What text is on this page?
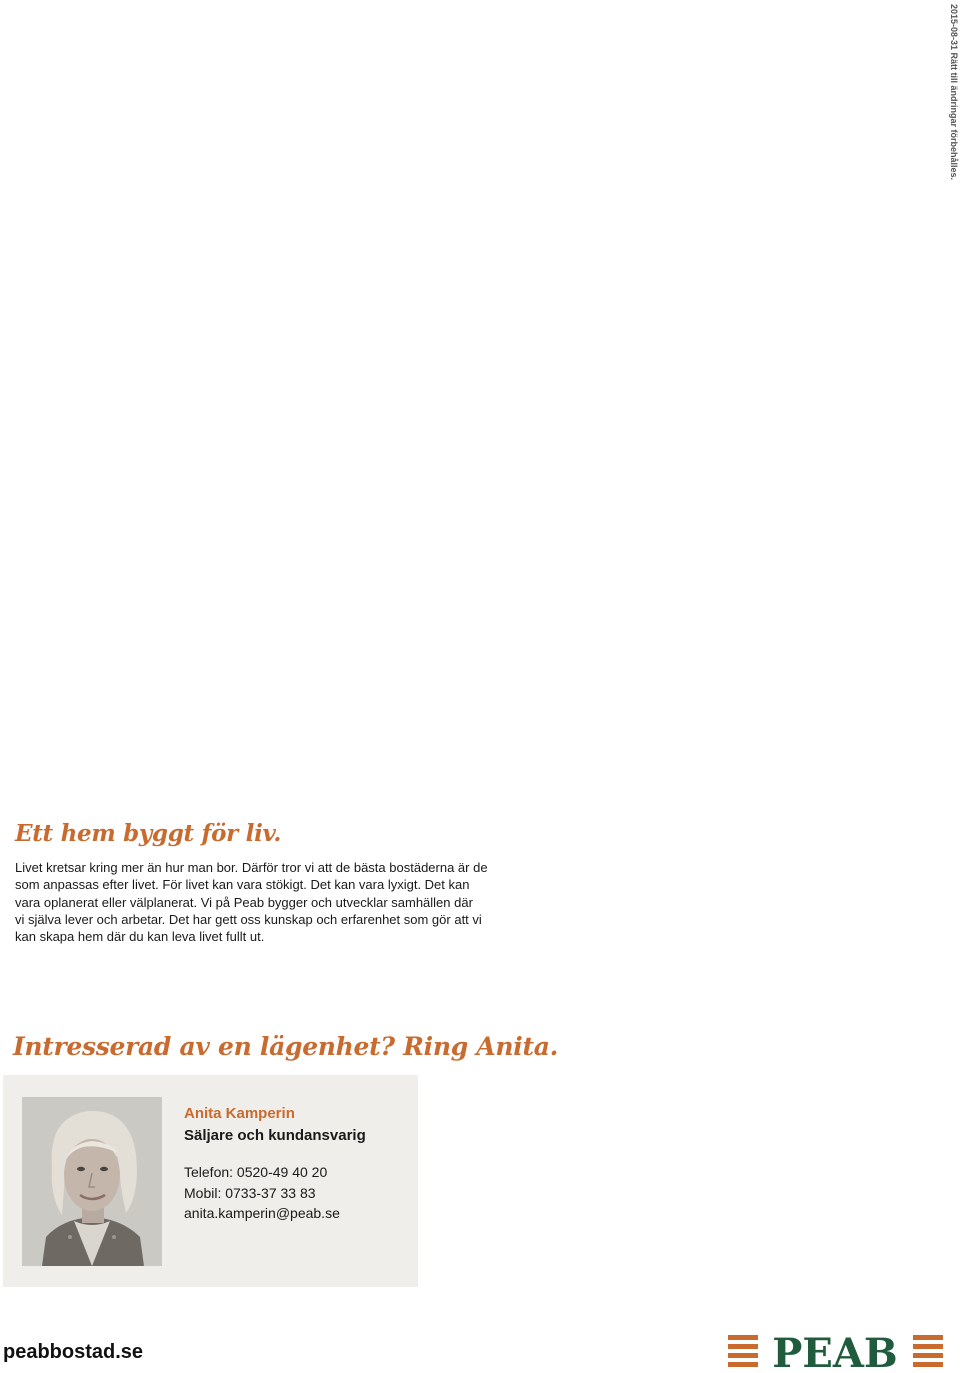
2015-08-31 Rätt till ändringar förbehålles.
Ett hem byggt för liv.
Livet kretsar kring mer än hur man bor. Därför tror vi att de bästa bostäderna är de
som anpassas efter livet. För livet kan vara stökigt. Det kan vara lyxigt. Det kan
vara oplanerat eller välplanerat. Vi på Peab bygger och utvecklar samhällen där
vi själva lever och arbetar. Det har gett oss kunskap och erfarenhet som gör att vi
kan skapa hem där du kan leva livet fullt ut.
Intresserad av en lägenhet? Ring Anita.
Anita Kamperin
Säljare och kundansvarig
Telefon: 0520-49 40 20
Mobil: 0733-37 33 83
anita.kamperin@peab.se
peabbostad.se	PEAB
